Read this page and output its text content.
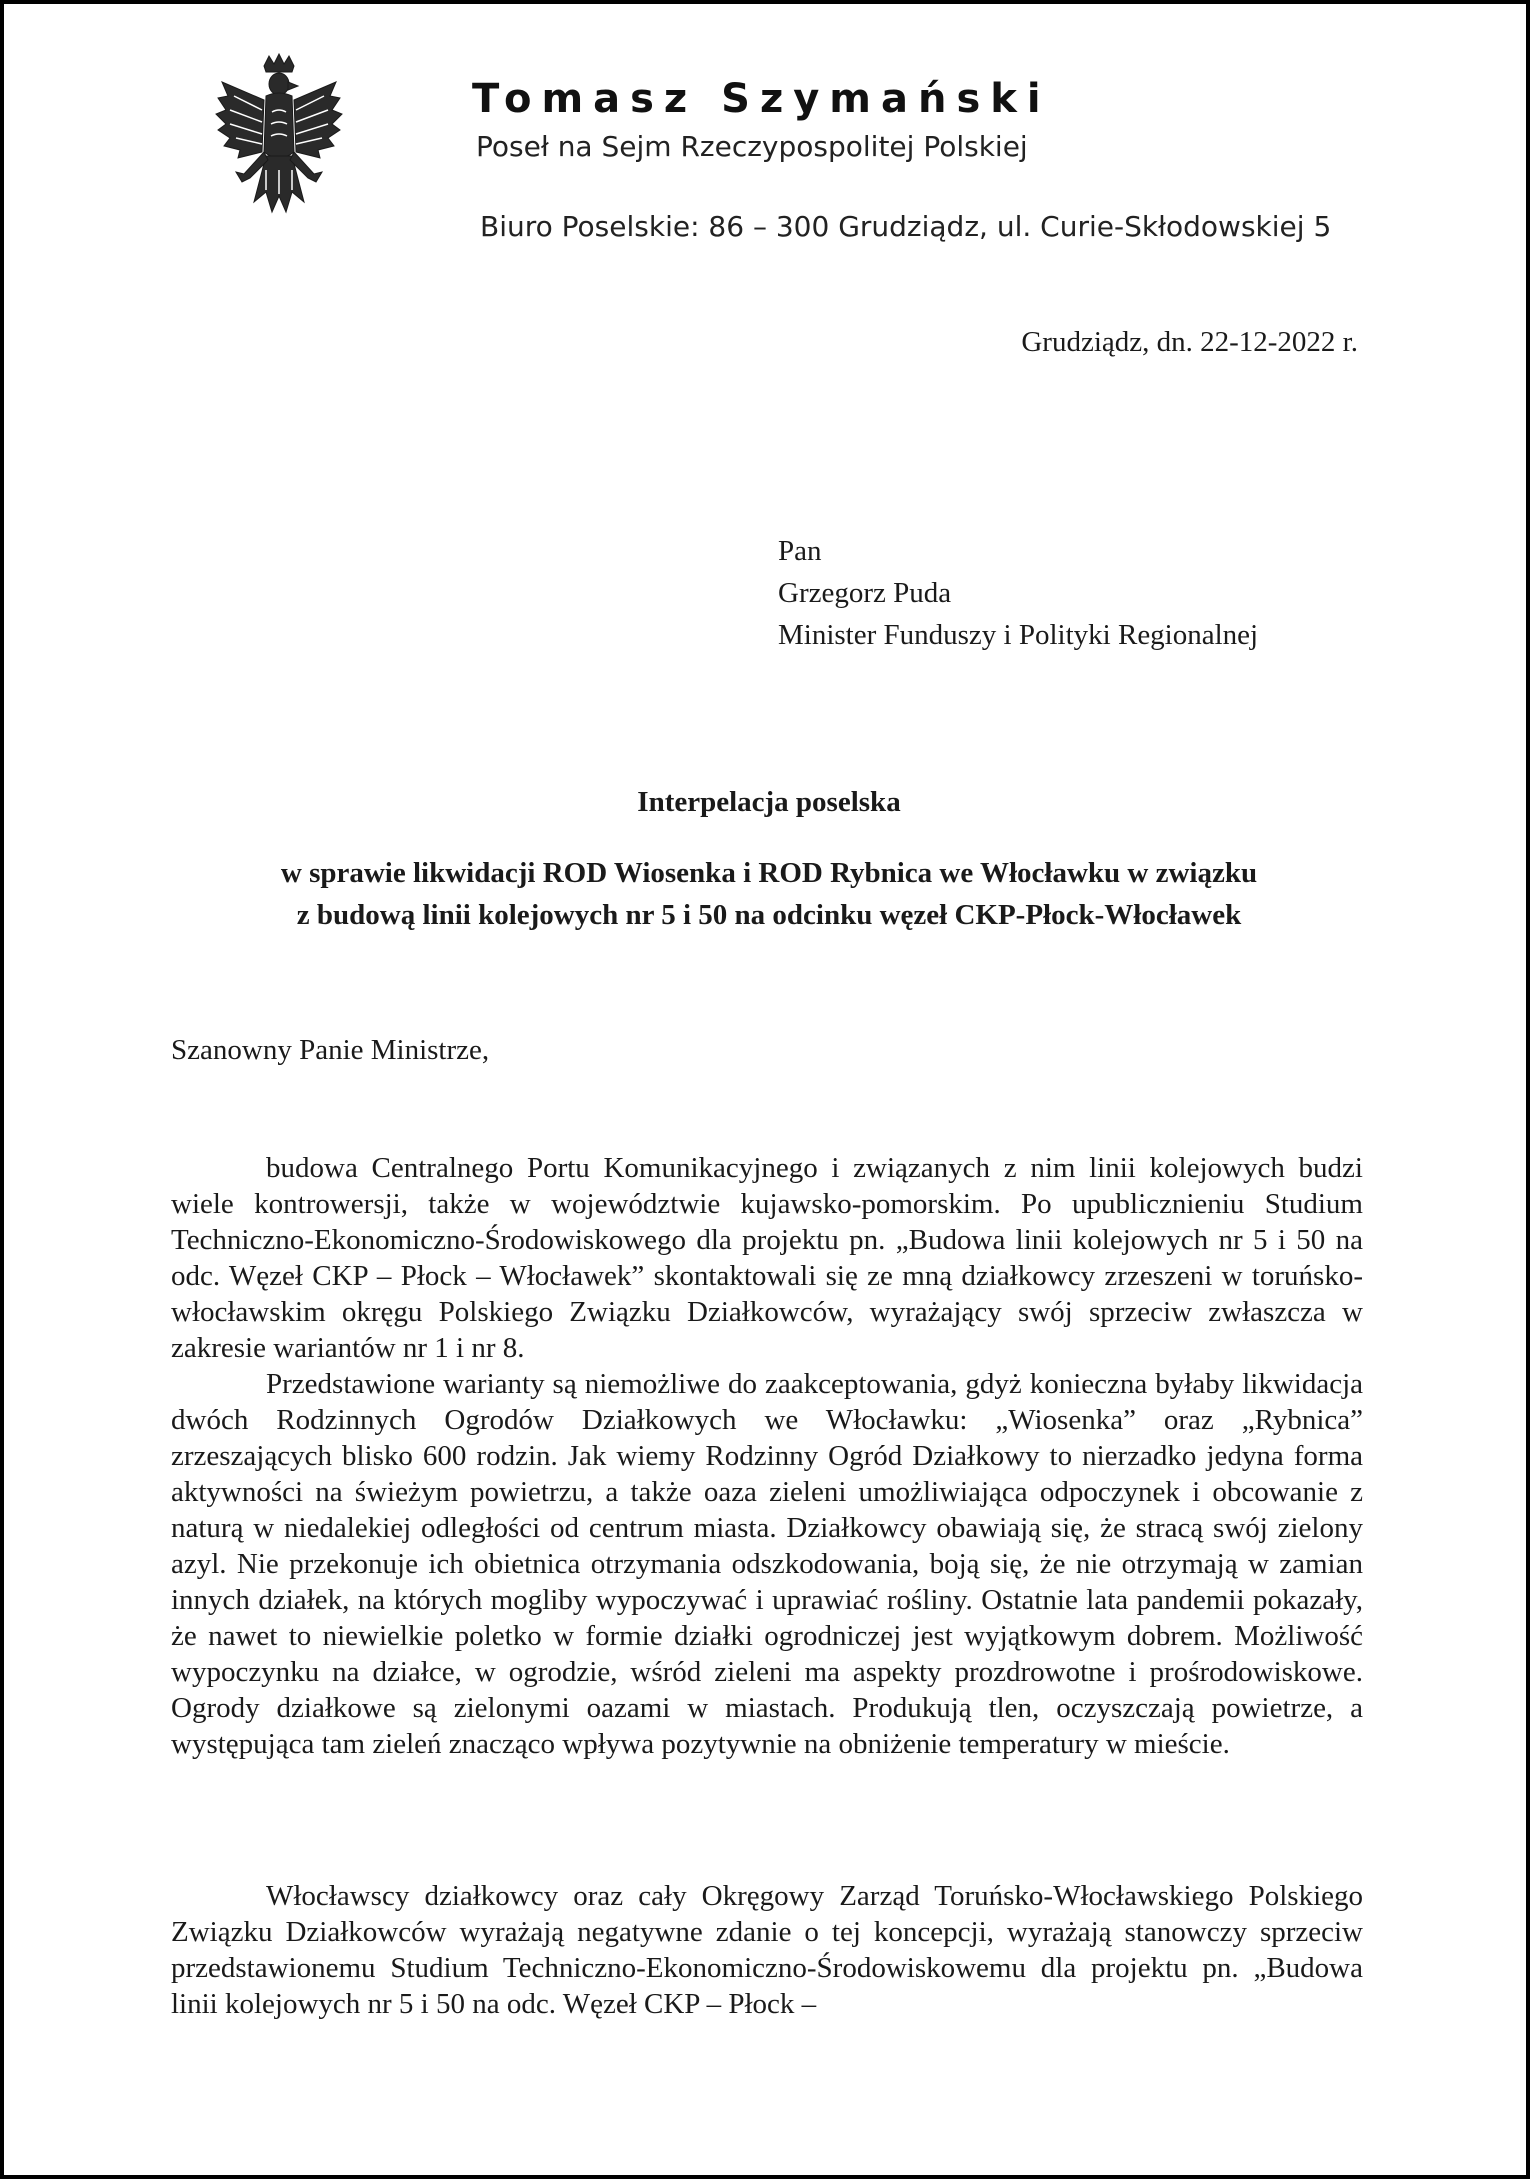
Tomasz Szymański
Poseł na Sejm Rzeczypospolitej Polskiej
Biuro Poselskie: 86 – 300 Grudziądz, ul. Curie-Skłodowskiej 5
Grudziądz, dn. 22-12-2022 r.
Pan
Grzegorz Puda
Minister Funduszy i Polityki Regionalnej
Interpelacja poselska
w sprawie likwidacji ROD Wiosenka i ROD Rybnica we Włocławku w związku
z budową linii kolejowych nr 5 i 50 na odcinku węzeł CKP-Płock-Włocławek
Szanowny Panie Ministrze,

budowa Centralnego Portu Komunikacyjnego i związanych z nim linii kolejowych budzi wiele kontrowersji, także w województwie kujawsko-pomorskim. Po upublicznieniu Studium Techniczno-Ekonomiczno-Środowiskowego dla projektu pn. „Budowa linii kolejowych nr 5 i 50 na odc. Węzeł CKP – Płock – Włocławek” skontaktowali się ze mną działkowcy zrzeszeni w toruńsko-włocławskim okręgu Polskiego Związku Działkowców, wyrażający swój sprzeciw zwłaszcza w zakresie wariantów nr 1 i nr 8.

Przedstawione warianty są niemożliwe do zaakceptowania, gdyż konieczna byłaby likwidacja dwóch Rodzinnych Ogrodów Działkowych we Włocławku: „Wiosenka” oraz „Rybnica” zrzeszających blisko 600 rodzin. Jak wiemy Rodzinny Ogród Działkowy to nierzadko jedyna forma aktywności na świeżym powietrzu, a także oaza zieleni umożliwiająca odpoczynek i obcowanie z naturą w niedalekiej odległości od centrum miasta. Działkowcy obawiają się, że stracą swój zielony azyl. Nie przekonuje ich obietnica otrzymania odszkodowania, boją się, że nie otrzymają w zamian innych działek, na których mogliby wypoczywać i uprawiać rośliny. Ostatnie lata pandemii pokazały, że nawet to niewielkie poletko w formie działki ogrodniczej jest wyjątkowym dobrem. Możliwość wypoczynku na działce, w ogrodzie, wśród zieleni ma aspekty prozdrowotne i prośrodowiskowe. Ogrody działkowe są zielonymi oazami w miastach. Produkują tlen, oczyszczają powietrze, a występująca tam zieleń znacząco wpływa pozytywnie na obniżenie temperatury w mieście.

Włocławscy działkowcy oraz cały Okręgowy Zarząd Toruńsko-Włocławskiego Polskiego Związku Działkowców wyrażają negatywne zdanie o tej koncepcji, wyrażają stanowczy sprzeciw przedstawionemu Studium Techniczno-Ekonomiczno-Środowiskowemu dla projektu pn. „Budowa linii kolejowych nr 5 i 50 na odc. Węzeł CKP – Płock –
